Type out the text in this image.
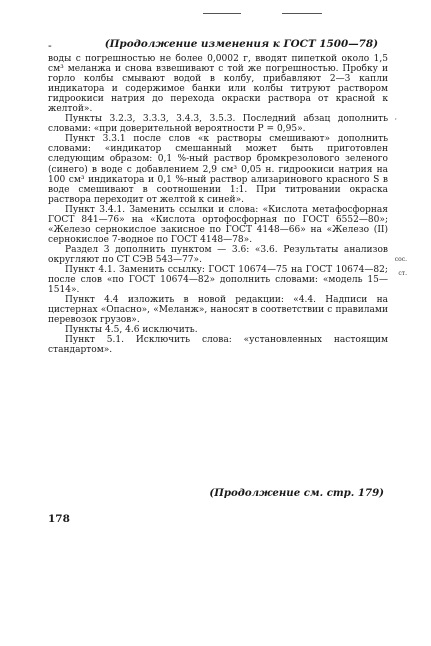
-	(Продолжение изменения к ГОСТ 1500—78)

воды с погрешностью не более 0,0002 г, вводят пипеткой около 1,5 см³ меланжа и снова взвешивают с той же погрешностью. Пробку и горло колбы смывают водой в колбу, прибавляют 2—3 капли индикатора и содержимое банки или колбы титруют раствором гидроокиси натрия до перехода окраски раствора от красной к желтой».

Пункты 3.2.3, 3.3.3, 3.4.3, 3.5.3. Последний абзац дополнить словами: «при доверительной вероятности P = 0,95».

Пункт 3.3.1 после слов «к растворы смешивают» дополнить словами: «индикатор смешанный может быть приготовлен следующим образом: 0,1 %-ный раствор бромкрезолового зеленого (синего) в воде с добавлением 2,9 см³ 0,05 н. гидроокиси натрия на 100 см³ индикатора и 0,1 %-ный раствор ализаринового красного S в воде смешивают в соотношении 1:1. При титровании окраска раствора переходит от желтой к синей».

Пункт 3.4.1. Заменить ссылки и слова: «Кислота метафосфорная ГОСТ 841—76» на «Кислота ортофосфорная по ГОСТ 6552—80»; «Железо сернокислое закисное по ГОСТ 4148—66» на «Железо (II) сернокислое 7-водное по ГОСТ 4148—78».

Раздел 3 дополнить пунктом — 3.6: «3.6. Результаты анализов округляют по СТ СЭВ 543—77».

Пункт 4.1. Заменить ссылку: ГОСТ 10674—75 на ГОСТ 10674—82; после слов «по ГОСТ 10674—82» дополнить словами: «модель 15—1514».

Пункт 4.4 изложить в новой редакции: «4.4. Надписи на цистернах «Опасно», «Меланж», наносят в соответствии с правилами перевозок грузов».

Пункты 4.5, 4.6 исключить.

Пункт 5.1. Исключить слова: «установленных настоящим стандартом».

сос.
ст.
·
(Продолжение см. стр. 179)
178
